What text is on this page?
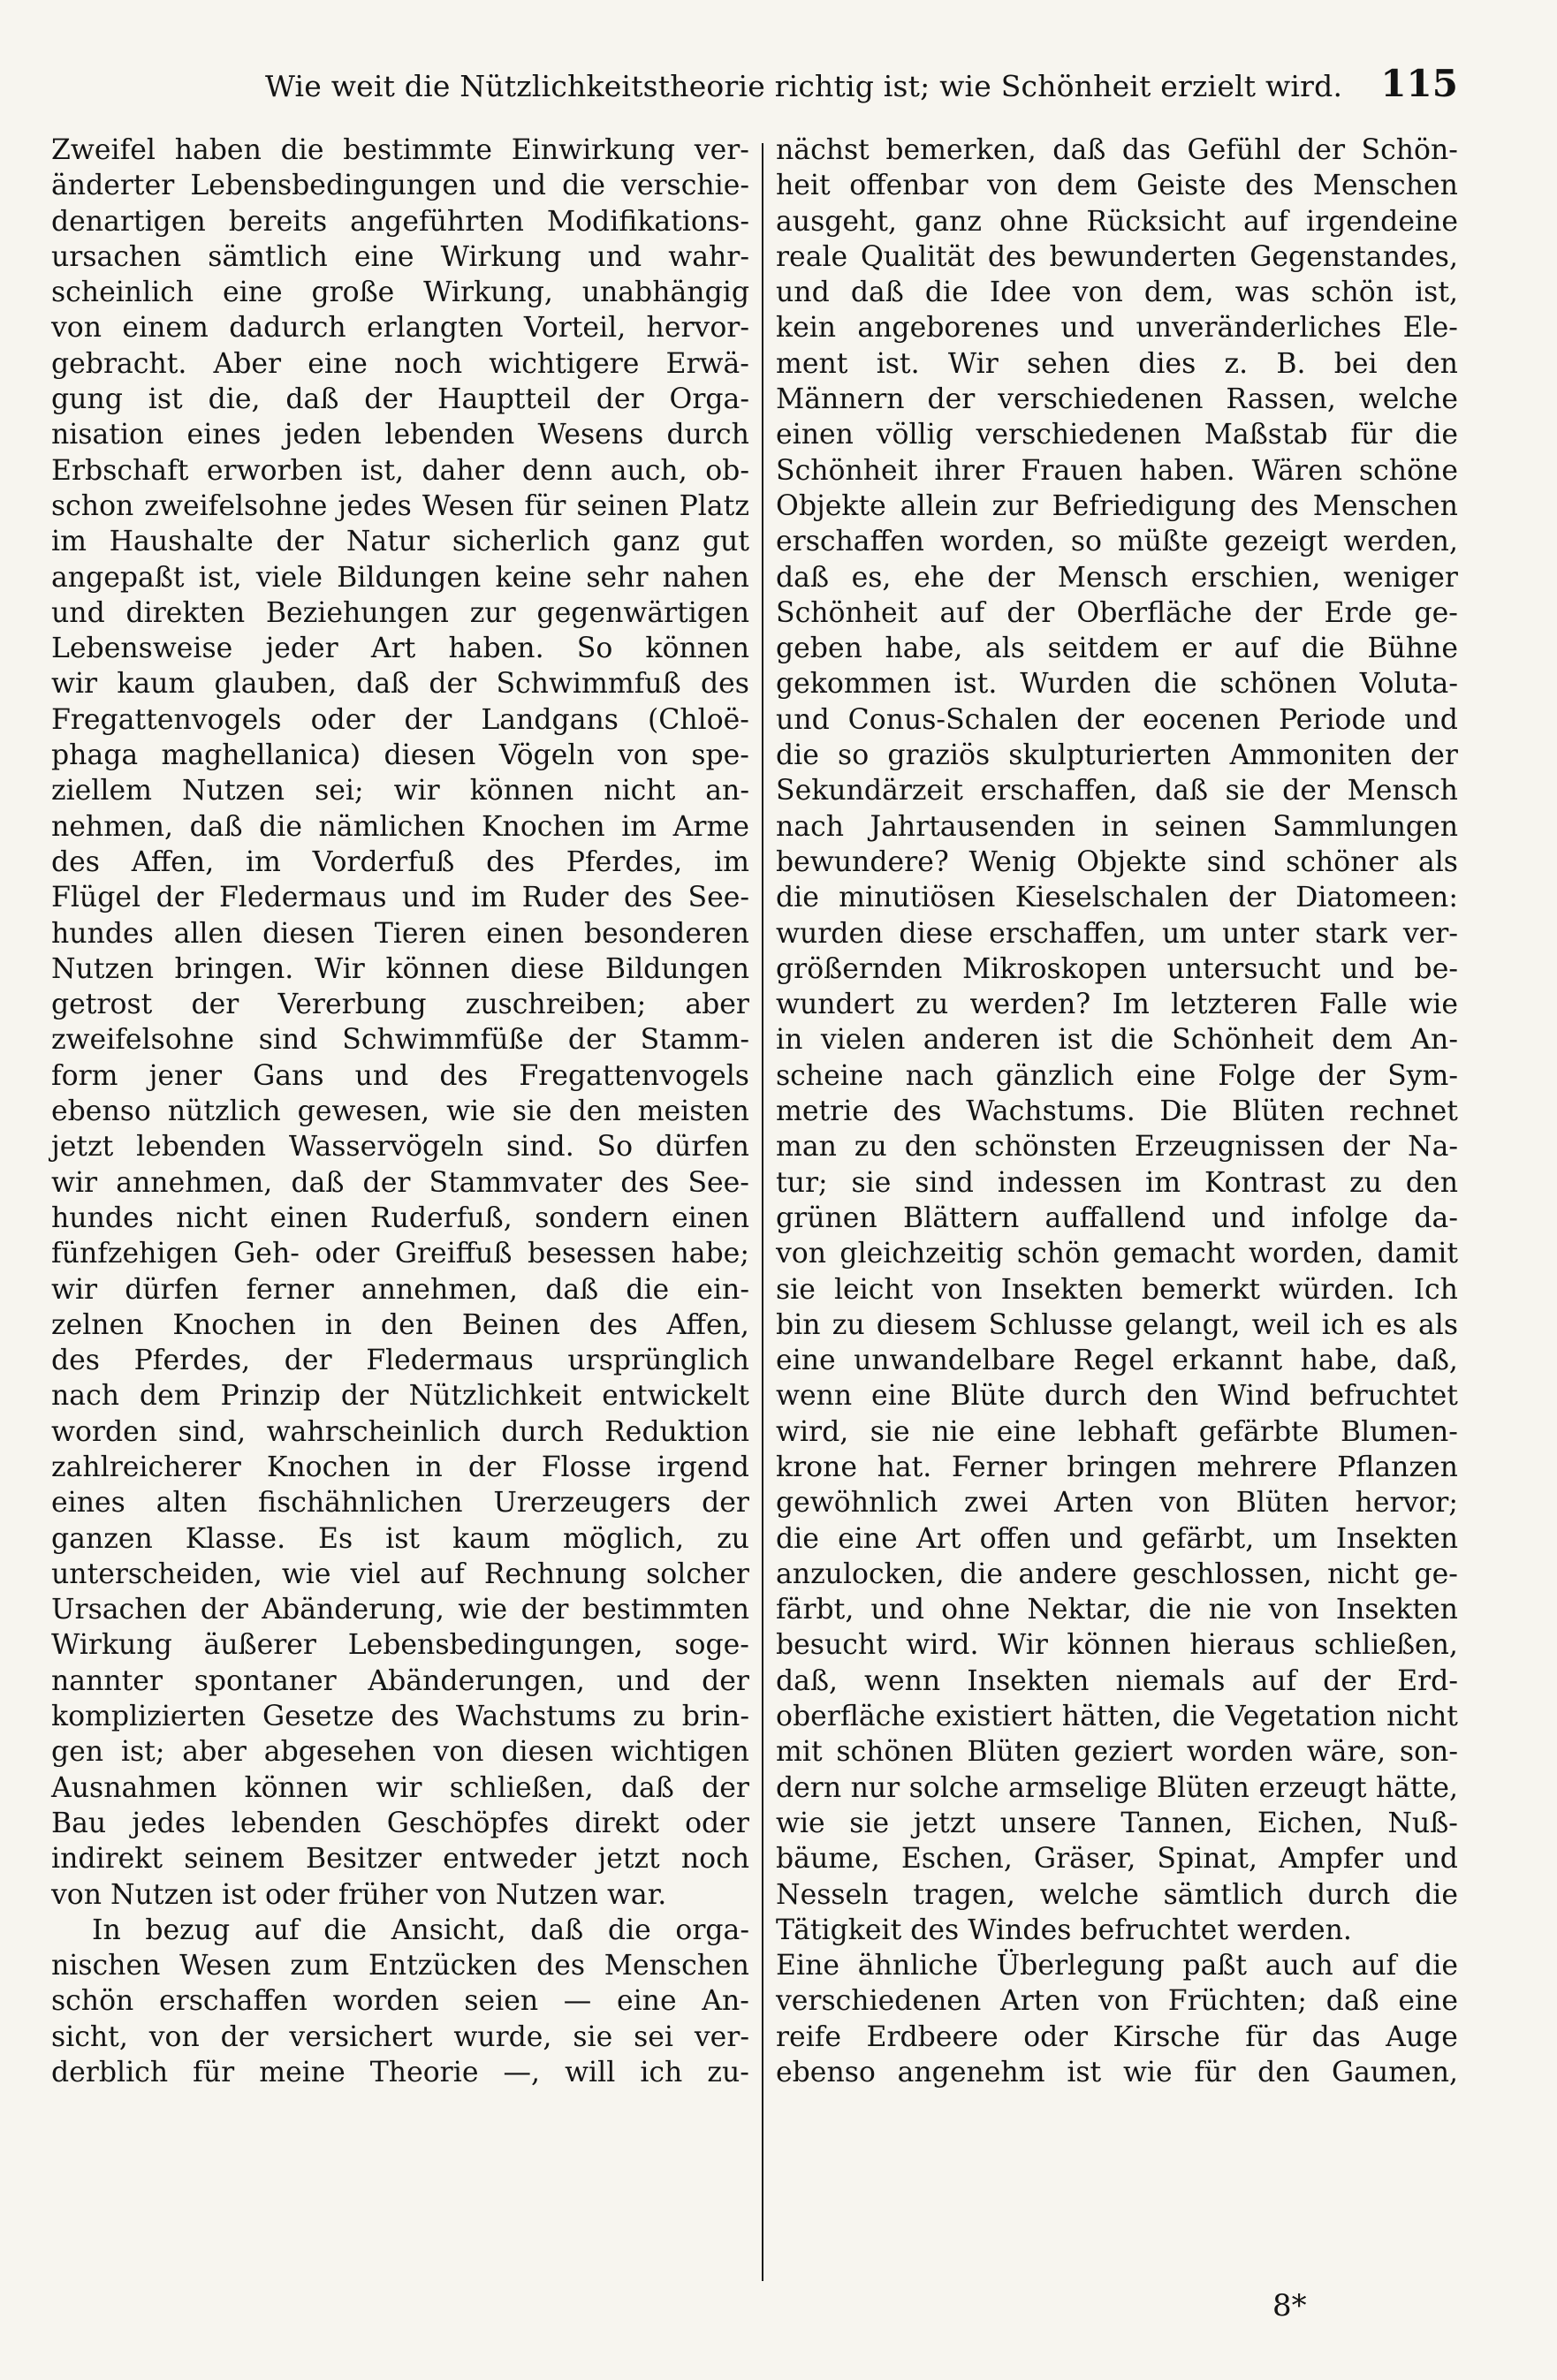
Wie weit die Nützlichkeitstheorie richtig ist; wie Schönheit erzielt wird. 115
Zweifel haben die bestimmte Einwirkung ver-
änderter Lebensbedingungen und die verschie-
denartigen bereits angeführten Modifikations-
ursachen sämtlich eine Wirkung und wahr-
scheinlich eine große Wirkung, unabhängig
von einem dadurch erlangten Vorteil, hervor-
gebracht. Aber eine noch wichtigere Erwä-
gung ist die, daß der Hauptteil der Orga-
nisation eines jeden lebenden Wesens durch
Erbschaft erworben ist, daher denn auch, ob-
schon zweifelsohne jedes Wesen für seinen Platz
im Haushalte der Natur sicherlich ganz gut
angepaßt ist, viele Bildungen keine sehr nahen
und direkten Beziehungen zur gegenwärtigen
Lebensweise jeder Art haben. So können
wir kaum glauben, daß der Schwimmfuß des
Fregattenvogels oder der Landgans (Chloë-
phaga maghellanica) diesen Vögeln von spe-
ziellem Nutzen sei; wir können nicht an-
nehmen, daß die nämlichen Knochen im Arme
des Affen, im Vorderfuß des Pferdes, im
Flügel der Fledermaus und im Ruder des See-
hundes allen diesen Tieren einen besonderen
Nutzen bringen. Wir können diese Bildungen
getrost der Vererbung zuschreiben; aber
zweifelsohne sind Schwimmfüße der Stamm-
form jener Gans und des Fregattenvogels
ebenso nützlich gewesen, wie sie den meisten
jetzt lebenden Wasservögeln sind. So dürfen
wir annehmen, daß der Stammvater des See-
hundes nicht einen Ruderfuß, sondern einen
fünfzehigen Geh- oder Greiffuß besessen habe;
wir dürfen ferner annehmen, daß die ein-
zelnen Knochen in den Beinen des Affen,
des Pferdes, der Fledermaus ursprünglich
nach dem Prinzip der Nützlichkeit entwickelt
worden sind, wahrscheinlich durch Reduktion
zahlreicherer Knochen in der Flosse irgend
eines alten fischähnlichen Urerzeugers der
ganzen Klasse. Es ist kaum möglich, zu
unterscheiden, wie viel auf Rechnung solcher
Ursachen der Abänderung, wie der bestimmten
Wirkung äußerer Lebensbedingungen, soge-
nannter spontaner Abänderungen, und der
komplizierten Gesetze des Wachstums zu brin-
gen ist; aber abgesehen von diesen wichtigen
Ausnahmen können wir schließen, daß der
Bau jedes lebenden Geschöpfes direkt oder
indirekt seinem Besitzer entweder jetzt noch
von Nutzen ist oder früher von Nutzen war.
In bezug auf die Ansicht, daß die orga-
nischen Wesen zum Entzücken des Menschen
schön erschaffen worden seien — eine An-
sicht, von der versichert wurde, sie sei ver-
derblich für meine Theorie —, will ich zu-
nächst bemerken, daß das Gefühl der Schön-
heit offenbar von dem Geiste des Menschen
ausgeht, ganz ohne Rücksicht auf irgendeine
reale Qualität des bewunderten Gegenstandes,
und daß die Idee von dem, was schön ist,
kein angeborenes und unveränderliches Ele-
ment ist. Wir sehen dies z. B. bei den
Männern der verschiedenen Rassen, welche
einen völlig verschiedenen Maßstab für die
Schönheit ihrer Frauen haben. Wären schöne
Objekte allein zur Befriedigung des Menschen
erschaffen worden, so müßte gezeigt werden,
daß es, ehe der Mensch erschien, weniger
Schönheit auf der Oberfläche der Erde ge-
geben habe, als seitdem er auf die Bühne
gekommen ist. Wurden die schönen Voluta-
und Conus-Schalen der eocenen Periode und
die so graziös skulpturierten Ammoniten der
Sekundärzeit erschaffen, daß sie der Mensch
nach Jahrtausenden in seinen Sammlungen
bewundere? Wenig Objekte sind schöner als
die minutiösen Kieselschalen der Diatomeen:
wurden diese erschaffen, um unter stark ver-
größernden Mikroskopen untersucht und be-
wundert zu werden? Im letzteren Falle wie
in vielen anderen ist die Schönheit dem An-
scheine nach gänzlich eine Folge der Sym-
metrie des Wachstums. Die Blüten rechnet
man zu den schönsten Erzeugnissen der Na-
tur; sie sind indessen im Kontrast zu den
grünen Blättern auffallend und infolge da-
von gleichzeitig schön gemacht worden, damit
sie leicht von Insekten bemerkt würden. Ich
bin zu diesem Schlusse gelangt, weil ich es als
eine unwandelbare Regel erkannt habe, daß,
wenn eine Blüte durch den Wind befruchtet
wird, sie nie eine lebhaft gefärbte Blumen-
krone hat. Ferner bringen mehrere Pflanzen
gewöhnlich zwei Arten von Blüten hervor;
die eine Art offen und gefärbt, um Insekten
anzulocken, die andere geschlossen, nicht ge-
färbt, und ohne Nektar, die nie von Insekten
besucht wird. Wir können hieraus schließen,
daß, wenn Insekten niemals auf der Erd-
oberfläche existiert hätten, die Vegetation nicht
mit schönen Blüten geziert worden wäre, son-
dern nur solche armselige Blüten erzeugt hätte,
wie sie jetzt unsere Tannen, Eichen, Nuß-
bäume, Eschen, Gräser, Spinat, Ampfer und
Nesseln tragen, welche sämtlich durch die
Tätigkeit des Windes befruchtet werden.
Eine ähnliche Überlegung paßt auch auf die
verschiedenen Arten von Früchten; daß eine
reife Erdbeere oder Kirsche für das Auge
ebenso angenehm ist wie für den Gaumen,
8*
